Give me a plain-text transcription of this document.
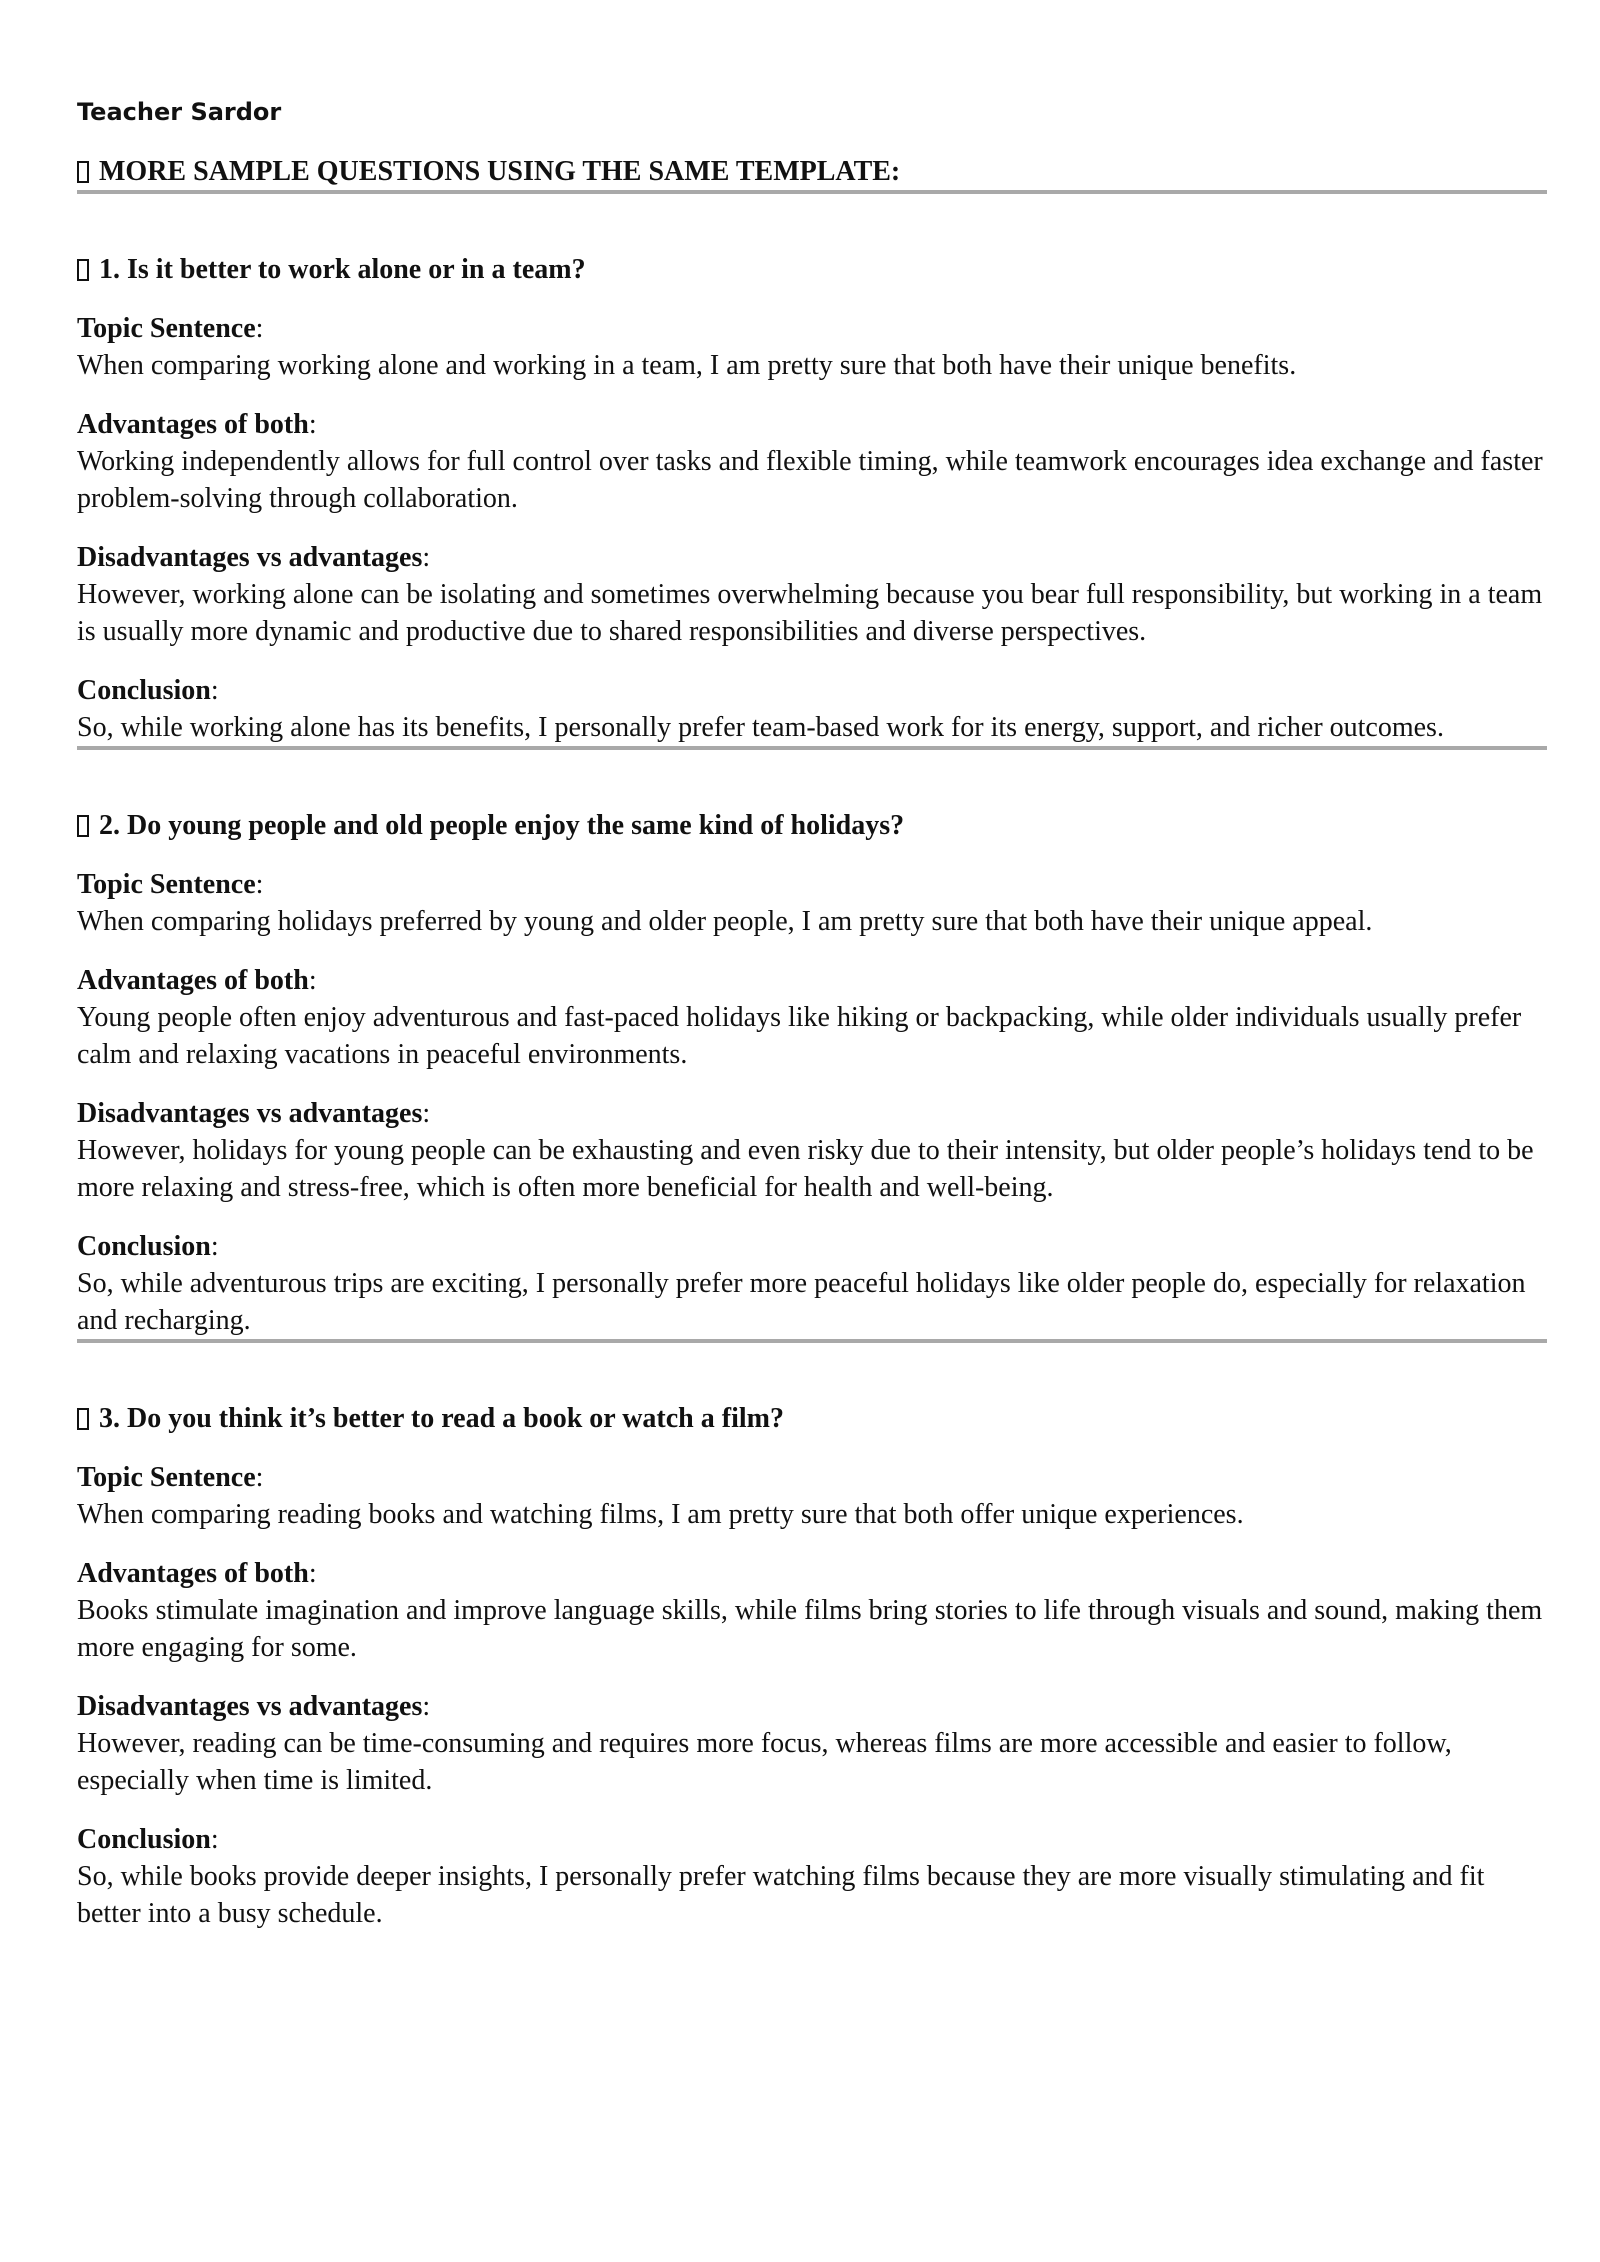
Teacher Sardor

MORE SAMPLE QUESTIONS USING THE SAME TEMPLATE:
1. Is it better to work alone or in a team?
Topic Sentence:
When comparing working alone and working in a team, I am pretty sure that both have their unique benefits.
Advantages of both:
Working independently allows for full control over tasks and flexible timing, while teamwork encourages idea exchange and faster problem-solving through collaboration.
Disadvantages vs advantages:
However, working alone can be isolating and sometimes overwhelming because you bear full responsibility, but working in a team is usually more dynamic and productive due to shared responsibilities and diverse perspectives.
Conclusion:
So, while working alone has its benefits, I personally prefer team-based work for its energy, support, and richer outcomes.
2. Do young people and old people enjoy the same kind of holidays?
Topic Sentence:
When comparing holidays preferred by young and older people, I am pretty sure that both have their unique appeal.
Advantages of both:
Young people often enjoy adventurous and fast-paced holidays like hiking or backpacking, while older individuals usually prefer calm and relaxing vacations in peaceful environments.
Disadvantages vs advantages:
However, holidays for young people can be exhausting and even risky due to their intensity, but older people’s holidays tend to be more relaxing and stress-free, which is often more beneficial for health and well-being.
Conclusion:
So, while adventurous trips are exciting, I personally prefer more peaceful holidays like older people do, especially for relaxation and recharging.
3. Do you think it’s better to read a book or watch a film?
Topic Sentence:
When comparing reading books and watching films, I am pretty sure that both offer unique experiences.
Advantages of both:
Books stimulate imagination and improve language skills, while films bring stories to life through visuals and sound, making them more engaging for some.
Disadvantages vs advantages:
However, reading can be time-consuming and requires more focus, whereas films are more accessible and easier to follow, especially when time is limited.
Conclusion:
So, while books provide deeper insights, I personally prefer watching films because they are more visually stimulating and fit better into a busy schedule.
